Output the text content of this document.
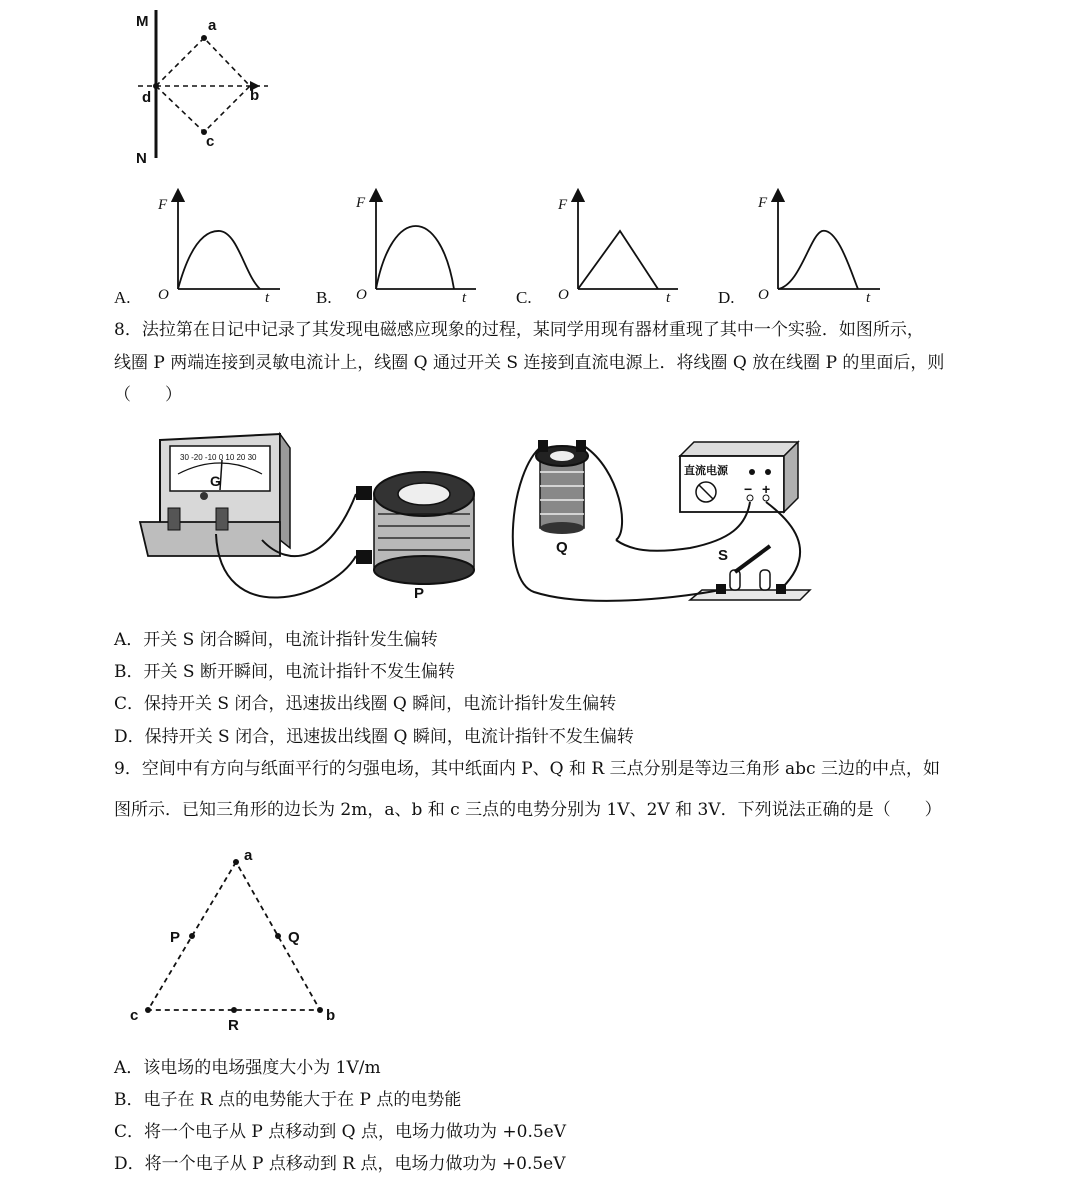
M
N
a
b
c
d
A.
F
O	t	B.
F
O	t	C.
F
O	t	D.
F
O	t
8．法拉第在日记中记录了其发现电磁感应现象的过程，某同学用现有器材重现了其中一个实验．如图所示，
线圈 P 两端连接到灵敏电流计上，线圈 Q 通过开关 S 连接到直流电源上．将线圈 Q 放在线圈 P 的里面后，则
（　　）
30 -20 -10 0 10 20 30
G
P
Q
直流电源
− +
S
A．开关 S 闭合瞬间，电流计指针发生偏转
B．开关 S 断开瞬间，电流计指针不发生偏转
C．保持开关 S 闭合，迅速拔出线圈 Q 瞬间，电流计指针发生偏转
D．保持开关 S 闭合，迅速拔出线圈 Q 瞬间，电流计指针不发生偏转
9．空间中有方向与纸面平行的匀强电场，其中纸面内 P、Q 和 R 三点分别是等边三角形 abc 三边的中点，如
图所示．已知三角形的边长为 2m，a、b 和 c 三点的电势分别为 1V、2V 和 3V．下列说法正确的是（　　）
a
b
c
P	Q
R
A．该电场的电场强度大小为 1V/m
B．电子在 R 点的电势能大于在 P 点的电势能
C．将一个电子从 P 点移动到 Q 点，电场力做功为 +0.5eV
D．将一个电子从 P 点移动到 R 点，电场力做功为 +0.5eV
